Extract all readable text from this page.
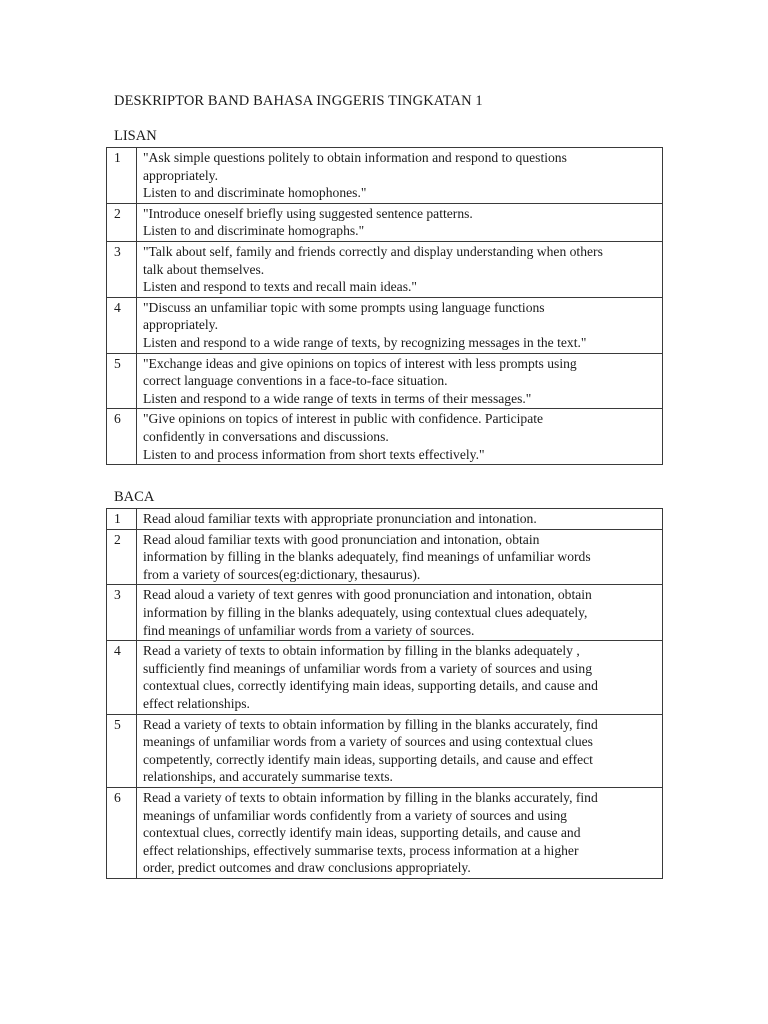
DESKRIPTOR BAND BAHASA INGGERIS TINGKATAN 1
LISAN
1	"Ask simple questions politely to obtain information and respond to questions
appropriately.
Listen to and discriminate homophones."

2	"Introduce oneself briefly using suggested sentence patterns.
Listen to and discriminate homographs."

3	"Talk about self, family and friends correctly and display understanding when others
talk about themselves.
Listen and respond to texts and recall main ideas."

4	"Discuss an unfamiliar topic with some prompts using language functions
appropriately.
Listen and respond to a wide range of texts, by recognizing messages in the text."

5	"Exchange ideas and give opinions on topics of interest with less prompts using
correct language conventions in a face-to-face situation.
Listen and respond to a wide range of texts in terms of their messages."

6	"Give opinions on topics of interest in public with confidence. Participate
confidently in conversations and discussions.
Listen to and process information from short texts effectively."
BACA
1	Read aloud familiar texts with appropriate pronunciation and intonation.

2	Read aloud familiar texts with good pronunciation and intonation, obtain
information by filling in the blanks adequately, find meanings of unfamiliar words
from a variety of sources(eg:dictionary, thesaurus).

3	Read aloud a variety of text genres with good pronunciation and intonation, obtain
information by filling in the blanks adequately, using contextual clues adequately,
find meanings of unfamiliar words from a variety of sources.

4	Read a variety of texts to obtain information by filling in the blanks adequately ,
sufficiently find meanings of unfamiliar words from a variety of sources and using
contextual clues, correctly identifying main ideas, supporting details, and cause and
effect relationships.

5	Read a variety of texts to obtain information by filling in the blanks accurately, find
meanings of unfamiliar words from a variety of sources and using contextual clues
competently, correctly identify main ideas, supporting details, and cause and effect
relationships, and accurately summarise texts.

6	Read a variety of texts to obtain information by filling in the blanks accurately, find
meanings of unfamiliar words confidently from a variety of sources and using
contextual clues, correctly identify main ideas, supporting details, and cause and
effect relationships, effectively summarise texts, process information at a higher
order, predict outcomes and draw conclusions appropriately.
